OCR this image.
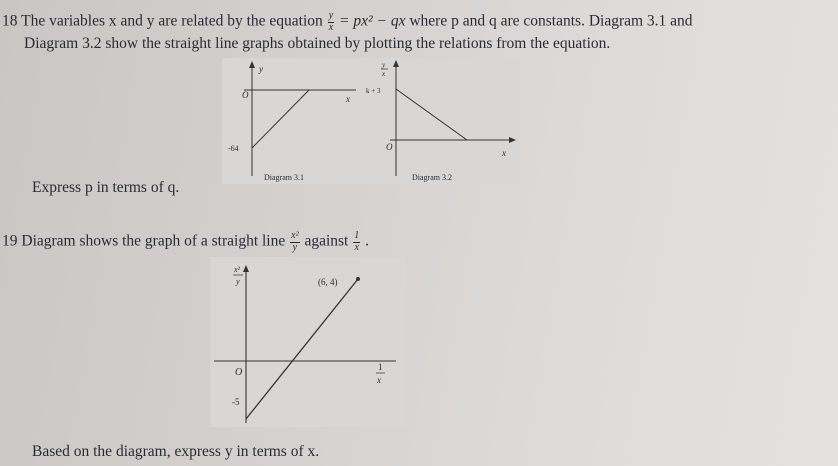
18 The variables x and y are related by the equation $\frac{y}{x} = px^2$ − qx where p and q are constants. Diagram 3.1 and
Diagram 3.2 show the straight line graphs obtained by plotting the relations from the equation.
y
O	x
-64
Diagram 3.1
y
x
k + 3
O
x
Diagram 3.2
Express p in terms of q.
19 Diagram shows the graph of a straight line $\frac{\text{x²}}{y}$ against $\frac{1}{x}$ .
x²
y	(6, 4)
O
-5
1
x
Based on the diagram, express y in terms of x.
